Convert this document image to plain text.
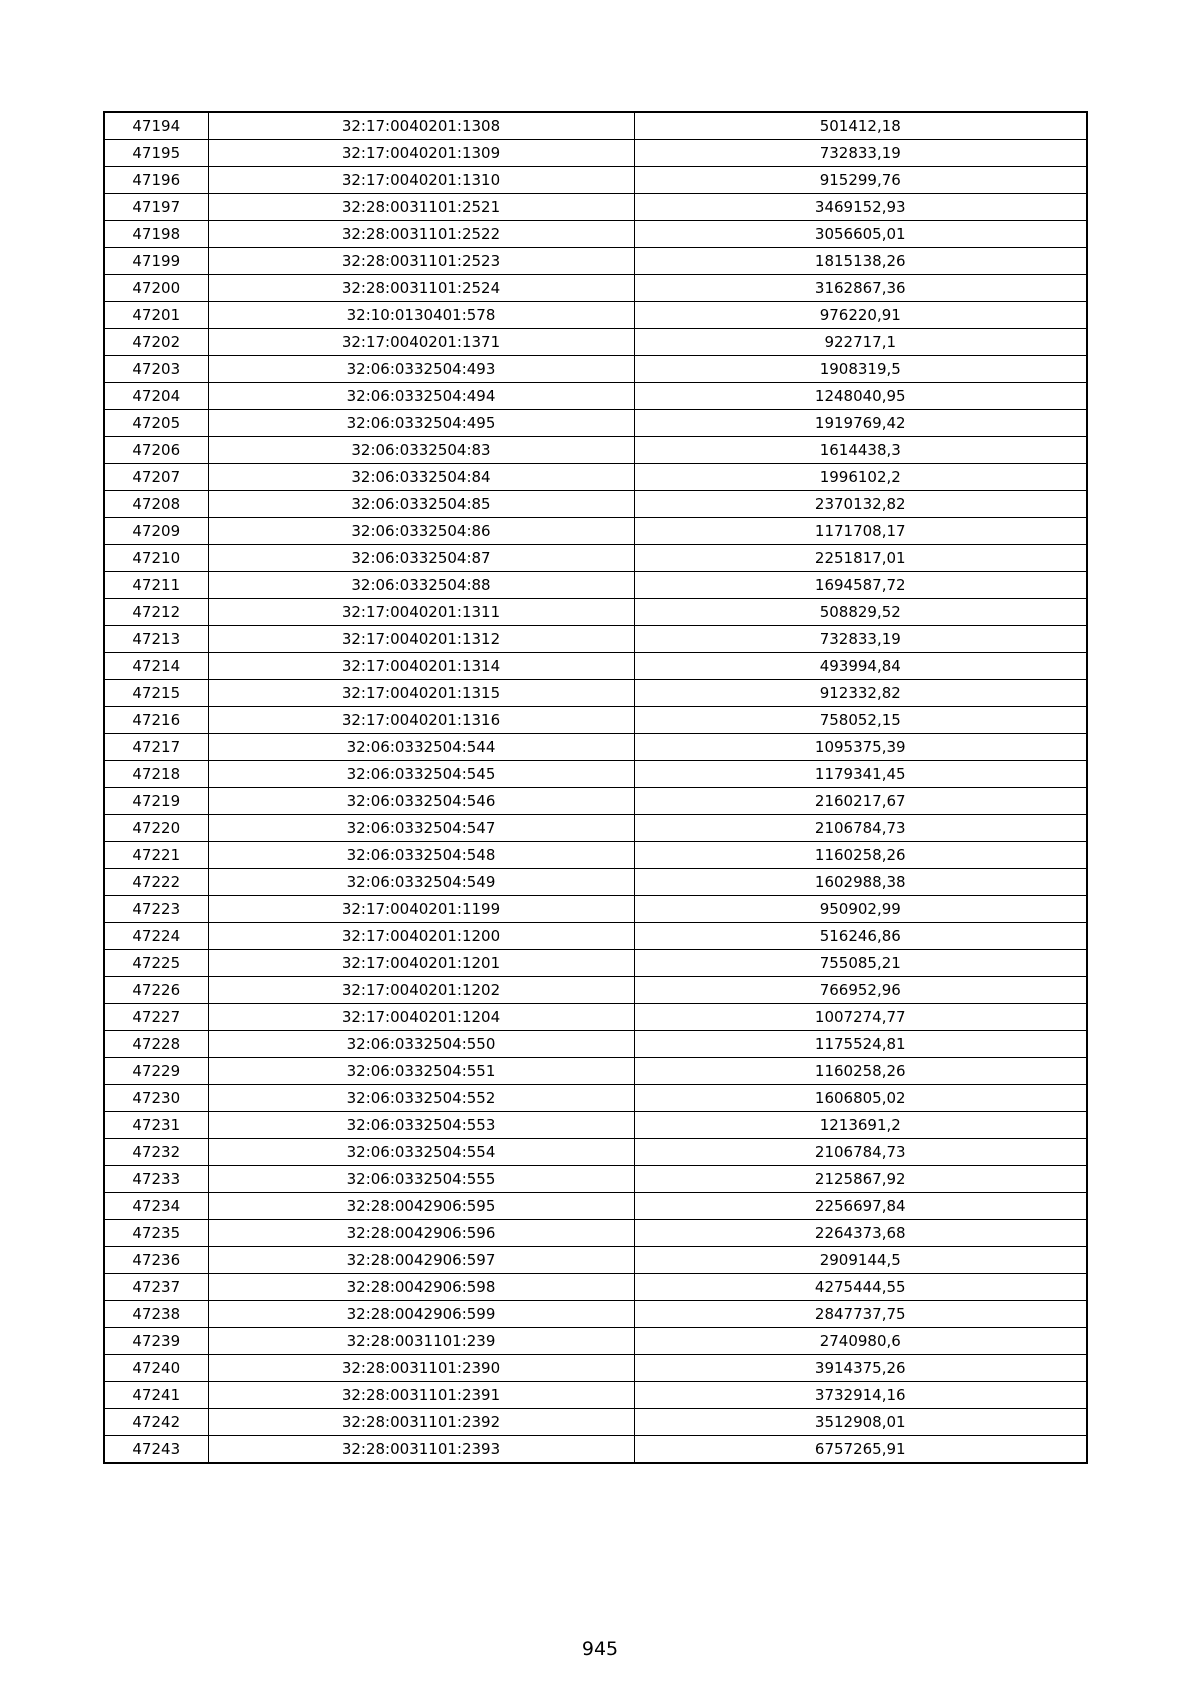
47194	32:17:0040201:1308	501412,18
47195	32:17:0040201:1309	732833,19
47196	32:17:0040201:1310	915299,76
47197	32:28:0031101:2521	3469152,93
47198	32:28:0031101:2522	3056605,01
47199	32:28:0031101:2523	1815138,26
47200	32:28:0031101:2524	3162867,36
47201	32:10:0130401:578	976220,91
47202	32:17:0040201:1371	922717,1
47203	32:06:0332504:493	1908319,5
47204	32:06:0332504:494	1248040,95
47205	32:06:0332504:495	1919769,42
47206	32:06:0332504:83	1614438,3
47207	32:06:0332504:84	1996102,2
47208	32:06:0332504:85	2370132,82
47209	32:06:0332504:86	1171708,17
47210	32:06:0332504:87	2251817,01
47211	32:06:0332504:88	1694587,72
47212	32:17:0040201:1311	508829,52
47213	32:17:0040201:1312	732833,19
47214	32:17:0040201:1314	493994,84
47215	32:17:0040201:1315	912332,82
47216	32:17:0040201:1316	758052,15
47217	32:06:0332504:544	1095375,39
47218	32:06:0332504:545	1179341,45
47219	32:06:0332504:546	2160217,67
47220	32:06:0332504:547	2106784,73
47221	32:06:0332504:548	1160258,26
47222	32:06:0332504:549	1602988,38
47223	32:17:0040201:1199	950902,99
47224	32:17:0040201:1200	516246,86
47225	32:17:0040201:1201	755085,21
47226	32:17:0040201:1202	766952,96
47227	32:17:0040201:1204	1007274,77
47228	32:06:0332504:550	1175524,81
47229	32:06:0332504:551	1160258,26
47230	32:06:0332504:552	1606805,02
47231	32:06:0332504:553	1213691,2
47232	32:06:0332504:554	2106784,73
47233	32:06:0332504:555	2125867,92
47234	32:28:0042906:595	2256697,84
47235	32:28:0042906:596	2264373,68
47236	32:28:0042906:597	2909144,5
47237	32:28:0042906:598	4275444,55
47238	32:28:0042906:599	2847737,75
47239	32:28:0031101:239	2740980,6
47240	32:28:0031101:2390	3914375,26
47241	32:28:0031101:2391	3732914,16
47242	32:28:0031101:2392	3512908,01
47243	32:28:0031101:2393	6757265,91
945
